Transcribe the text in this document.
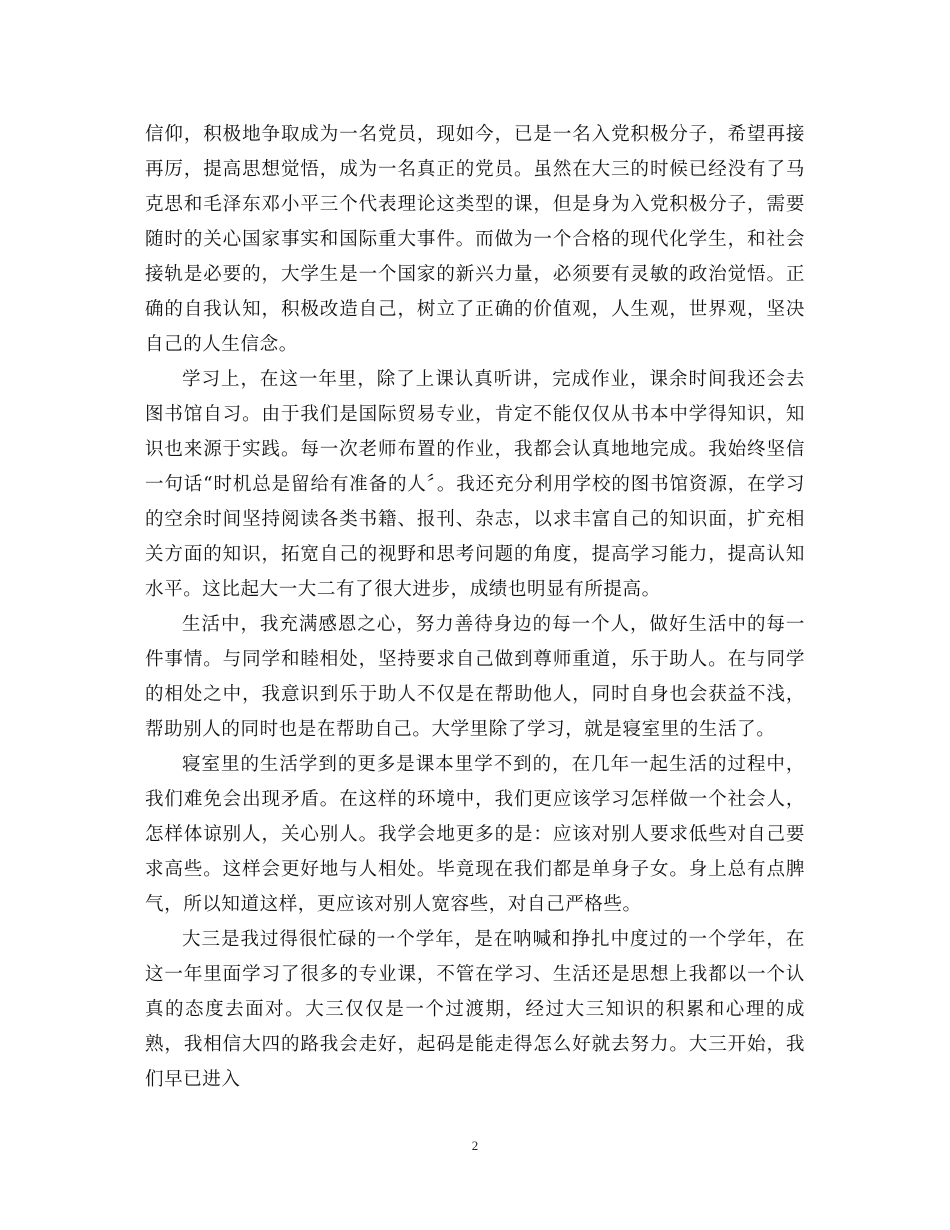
信仰，积极地争取成为一名党员，现如今，已是一名入党积极分子，希望再接再厉，提高思想觉悟，成为一名真正的党员。虽然在大三的时候已经没有了马克思和毛泽东邓小平三个代表理论这类型的课，但是身为入党积极分子，需要随时的关心国家事实和国际重大事件。而做为一个合格的现代化学生，和社会接轨是必要的，大学生是一个国家的新兴力量，必须要有灵敏的政治觉悟。正确的自我认知，积极改造自己，树立了正确的价值观，人生观，世界观，坚决自己的人生信念。

学习上，在这一年里，除了上课认真听讲，完成作业，课余时间我还会去图书馆自习。由于我们是国际贸易专业，肯定不能仅仅从书本中学得知识，知识也来源于实践。每一次老师布置的作业，我都会认真地地完成。我始终坚信一句话“时机总是留给有准备的人〞。我还充分利用学校的图书馆资源，在学习的空余时间坚持阅读各类书籍、报刊、杂志，以求丰富自己的知识面，扩充相关方面的知识，拓宽自己的视野和思考问题的角度，提高学习能力，提高认知水平。这比起大一大二有了很大进步，成绩也明显有所提高。

生活中，我充满感恩之心，努力善待身边的每一个人，做好生活中的每一件事情。与同学和睦相处，坚持要求自己做到尊师重道，乐于助人。在与同学的相处之中，我意识到乐于助人不仅是在帮助他人，同时自身也会获益不浅，帮助别人的同时也是在帮助自己。大学里除了学习，就是寝室里的生活了。

寝室里的生活学到的更多是课本里学不到的，在几年一起生活的过程中，我们难免会出现矛盾。在这样的环境中，我们更应该学习怎样做一个社会人，怎样体谅别人，关心别人。我学会地更多的是：应该对别人要求低些对自己要求高些。这样会更好地与人相处。毕竟现在我们都是单身子女。身上总有点脾气，所以知道这样，更应该对别人宽容些，对自己严格些。

大三是我过得很忙碌的一个学年，是在呐喊和挣扎中度过的一个学年，在这一年里面学习了很多的专业课，不管在学习、生活还是思想上我都以一个认真的态度去面对。大三仅仅是一个过渡期，经过大三知识的积累和心理的成熟，我相信大四的路我会走好，起码是能走得怎么好就去努力。大三开始，我们早已进入

2
